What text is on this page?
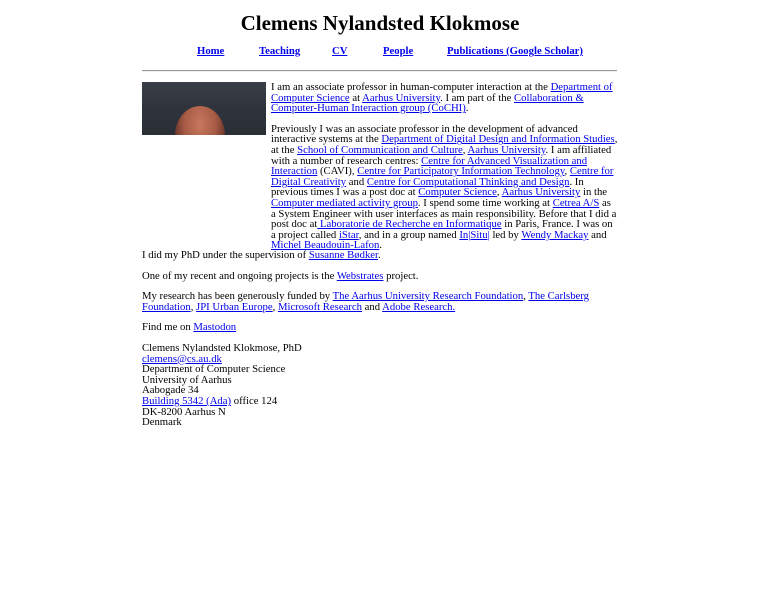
Clemens Nylandsted Klokmose
Home	Teaching	CV	People	Publications (Google Scholar)

I am an associate professor in human-computer interaction at the Department of Computer Science at Aarhus University. I am part of the Collaboration & Computer-Human Interaction group (CoCHI).

Previously I was an associate professor in the development of advanced interactive systems at the Department of Digital Design and Information Studies, at the School of Communication and Culture, Aarhus University. I am affiliated with a number of research centres: Centre for Advanced Visualization and Interaction (CAVI), Centre for Participatory Information Technology, Centre for Digital Creativity and Centre for Computational Thinking and Design. In previous times I was a post doc at Computer Science, Aarhus University in the Computer mediated activity group. I spend some time working at Cetrea A/S as a System Engineer with user interfaces as main responsibility. Before that I did a post doc at Laboratorie de Recherche en Informatique in Paris, France. I was on a project called iStar, and in a group named In|Situ| led by Wendy Mackay and Michel Beaudouin-Lafon.

I did my PhD under the supervision of Susanne Bødker.

One of my recent and ongoing projects is the Webstrates project.

My research has been generously funded by The Aarhus University Research Foundation, The Carlsberg Foundation, JPI Urban Europe, Microsoft Research and Adobe Research.

Find me on Mastodon

Clemens Nylandsted Klokmose, PhD
clemens@cs.au.dk
Department of Computer Science
University of Aarhus
Aabogade 34
Building 5342 (Ada) office 124
DK-8200 Aarhus N
Denmark
